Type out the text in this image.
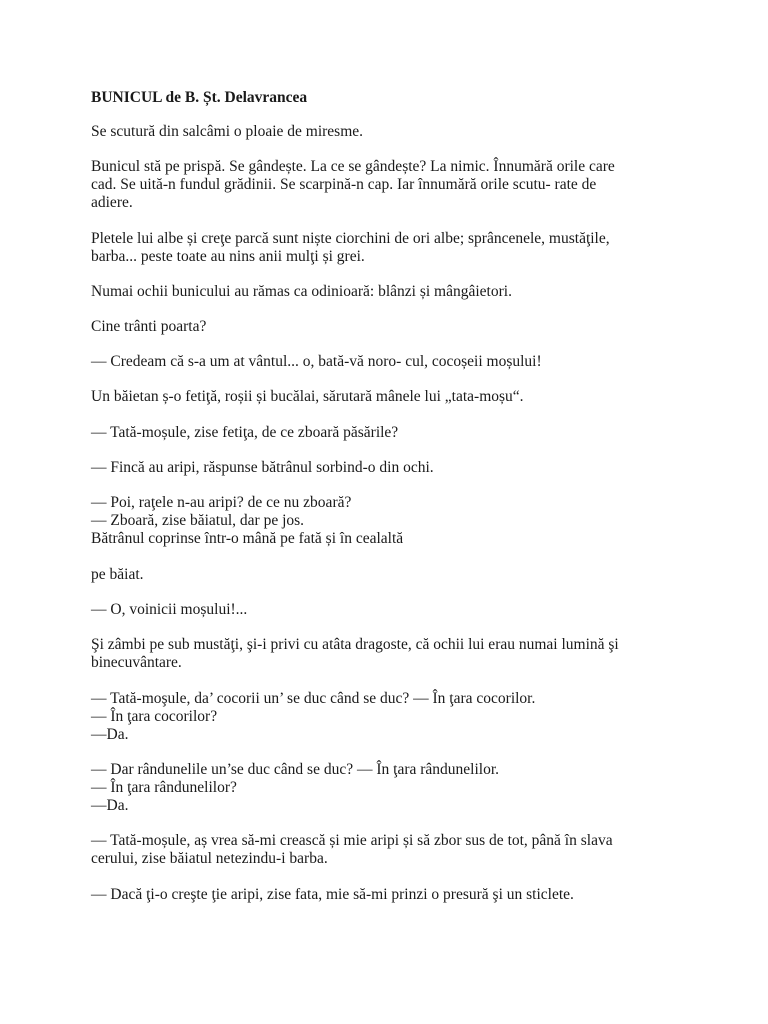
BUNICUL de B. Șt. Delavrancea
Se scutură din salcâmi o ploaie de miresme.
Bunicul stă pe prispă. Se gândește. La ce se gândește? La nimic. Înnumără orile care
cad. Se uită-n fundul grădinii. Se scarpină-n cap. Iar înnumără orile scutu- rate de
adiere.
Pletele lui albe și creţe parcă sunt niște ciorchini de ori albe; sprâncenele, mustăţile,
barba... peste toate au nins anii mulţi și grei.
Numai ochii bunicului au rămas ca odinioară: blânzi și mângâietori.
Cine trânti poarta?
— Credeam că s-a um at vântul... o, bată-vă noro- cul, cocoșeii moșului!
Un băietan ș-o fetiţă, roșii și bucălai, sărutară mânele lui „tata-moșu“.
— Tată-moșule, zise fetiţa, de ce zboară păsările?
— Fincă au aripi, răspunse bătrânul sorbind-o din ochi.
— Poi, raţele n-au aripi? de ce nu zboară?
— Zboară, zise băiatul, dar pe jos.
Bătrânul coprinse într-o mână pe fată și în cealaltă
pe băiat.
— O, voinicii moșului!...
Şi zâmbi pe sub mustăţi, şi-i privi cu atâta dragoste, că ochii lui erau numai lumină şi
binecuvântare.
— Tată-moşule, da’ cocorii un’ se duc când se duc? — În ţara cocorilor.
— În ţara cocorilor?
—Da.
— Dar rândunelile un’se duc când se duc? — În ţara rândunelilor.
— În ţara rândunelilor?
—Da.
— Tată-moșule, aș vrea să-mi crească și mie aripi și să zbor sus de tot, până în slava
cerului, zise băiatul netezindu-i barba.
— Dacă ţi-o creşte ţie aripi, zise fata, mie să-mi prinzi o presură şi un sticlete.
